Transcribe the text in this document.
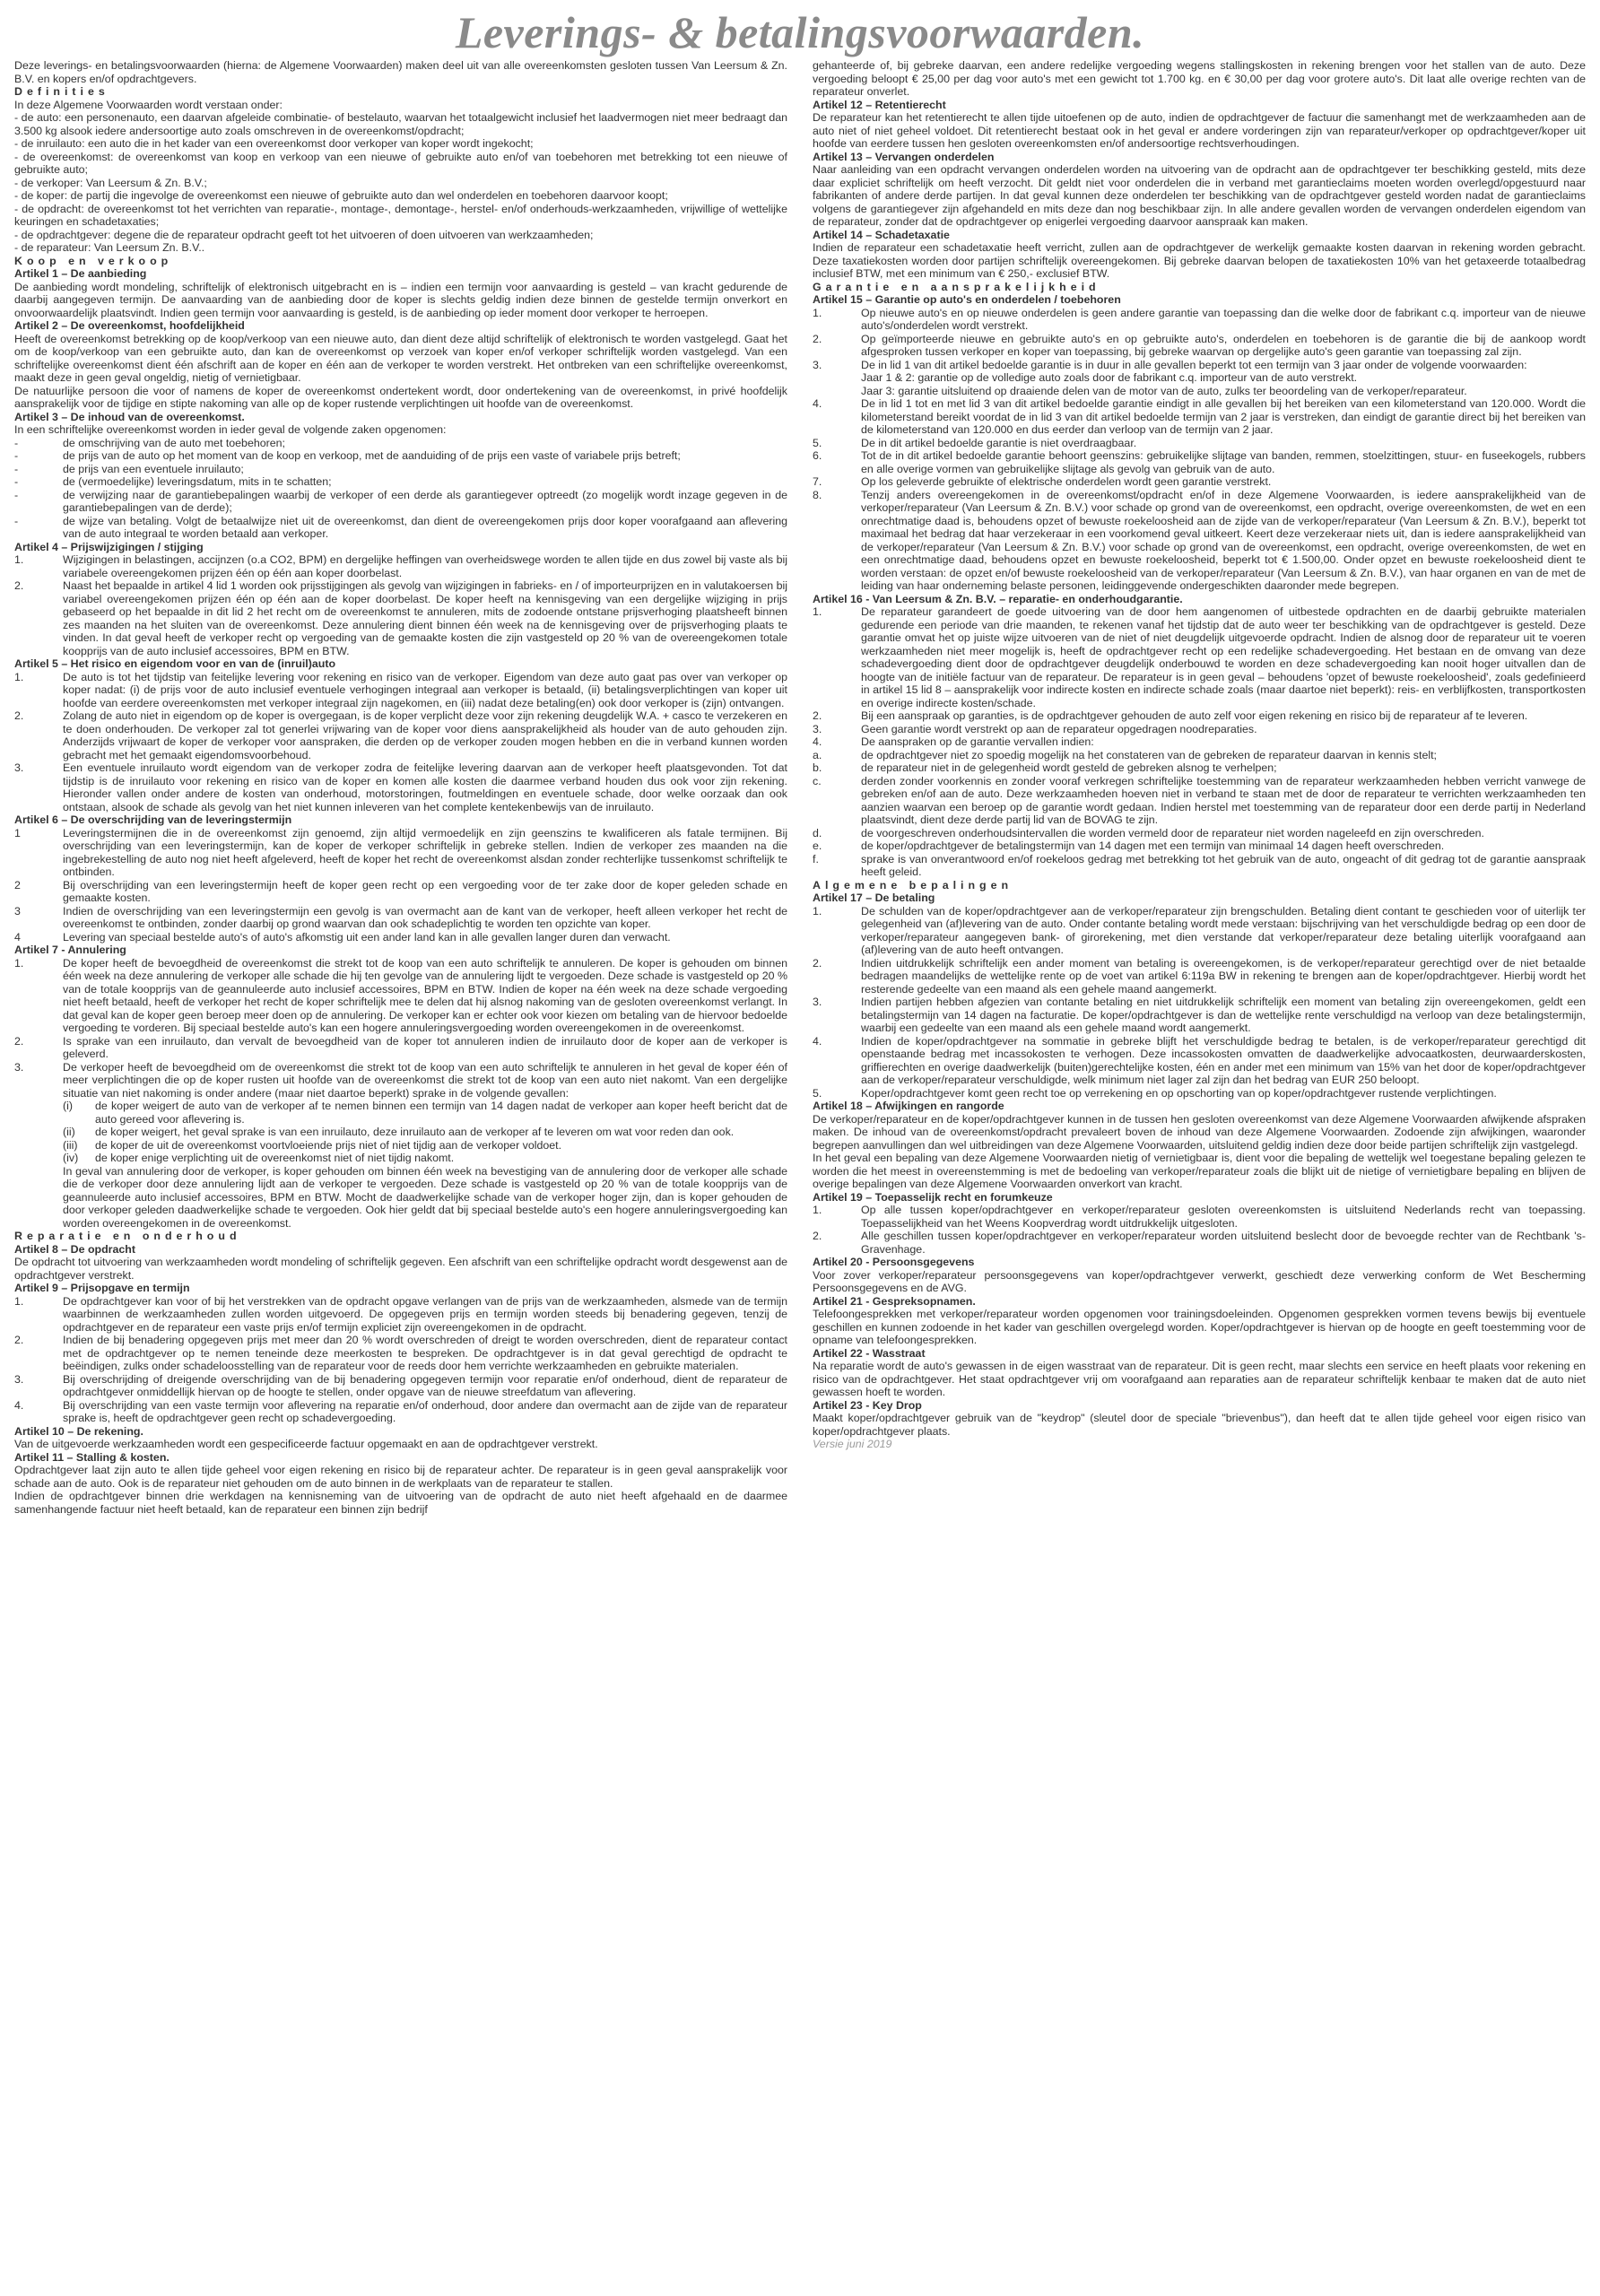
Leverings- & betalingsvoorwaarden.

Deze leverings- en betalingsvoorwaarden (hierna: de Algemene Voorwaarden) maken deel uit van alle overeenkomsten gesloten tussen Van Leersum & Zn. B.V. en kopers en/of opdrachtgevers.

Definities

In deze Algemene Voorwaarden wordt verstaan onder:

- de auto: een personenauto, een daarvan afgeleide combinatie- of bestelauto, waarvan het totaalgewicht inclusief het laadvermogen niet meer bedraagt dan 3.500 kg alsook iedere andersoortige auto zoals omschreven in de overeenkomst/opdracht;

- de inruilauto: een auto die in het kader van een overeenkomst door verkoper van koper wordt ingekocht;

- de overeenkomst: de overeenkomst van koop en verkoop van een nieuwe of gebruikte auto en/of van toebehoren met betrekking tot een nieuwe of gebruikte auto;

- de verkoper: Van Leersum & Zn. B.V.;

- de koper: de partij die ingevolge de overeenkomst een nieuwe of gebruikte auto dan wel onderdelen en toebehoren daarvoor koopt;

- de opdracht: de overeenkomst tot het verrichten van reparatie-, montage-, demontage-, herstel- en/of onderhouds-werkzaamheden, vrijwillige of wettelijke keuringen en schadetaxaties;

- de opdrachtgever: degene die de reparateur opdracht geeft tot het uitvoeren of doen uitvoeren van werkzaamheden;

- de reparateur: Van Leersum Zn. B.V..

Koop en verkoop
Artikel 1 – De aanbieding

De aanbieding wordt mondeling, schriftelijk of elektronisch uitgebracht en is – indien een termijn voor aanvaarding is gesteld – van kracht gedurende de daarbij aangegeven termijn. De aanvaarding van de aanbieding door de koper is slechts geldig indien deze binnen de gestelde termijn onverkort en onvoorwaardelijk plaatsvindt. Indien geen termijn voor aanvaarding is gesteld, is de aanbieding op ieder moment door verkoper te herroepen.

Artikel 2 – De overeenkomst, hoofdelijkheid

Heeft de overeenkomst betrekking op de koop/verkoop van een nieuwe auto, dan dient deze altijd schriftelijk of elektronisch te worden vastgelegd. Gaat het om de koop/verkoop van een gebruikte auto, dan kan de overeenkomst op verzoek van koper en/of verkoper schriftelijk worden vastgelegd. Van een schriftelijke overeenkomst dient één afschrift aan de koper en één aan de verkoper te worden verstrekt. Het ontbreken van een schriftelijke overeenkomst, maakt deze in geen geval ongeldig, nietig of vernietigbaar.

De natuurlijke persoon die voor of namens de koper de overeenkomst ondertekent wordt, door ondertekening van de overeenkomst, in privé hoofdelijk aansprakelijk voor de tijdige en stipte nakoming van alle op de koper rustende verplichtingen uit hoofde van de overeenkomst.

Artikel 3 – De inhoud van de overeenkomst.

In een schriftelijke overeenkomst worden in ieder geval de volgende zaken opgenomen:

-	de omschrijving van de auto met toebehoren;
-	de prijs van de auto op het moment van de koop en verkoop, met de aanduiding of de prijs een vaste of variabele prijs betreft;
-	de prijs van een eventuele inruilauto;
-	de (vermoedelijke) leveringsdatum, mits in te schatten;
-	de verwijzing naar de garantiebepalingen waarbij de verkoper of een derde als garantiegever optreedt (zo mogelijk wordt inzage gegeven in de garantiebepalingen van de derde);
-	de wijze van betaling. Volgt de betaalwijze niet uit de overeenkomst, dan dient de overeengekomen prijs door koper voorafgaand aan aflevering van de auto integraal te worden betaald aan verkoper.
Artikel 4 – Prijswijzigingen / stijging
1.	Wijzigingen in belastingen, accijnzen (o.a CO2, BPM) en dergelijke heffingen van overheidswege worden te allen tijde en dus zowel bij vaste als bij variabele overeengekomen prijzen één op één aan koper doorbelast.
2.	Naast het bepaalde in artikel 4 lid 1 worden ook prijsstijgingen als gevolg van wijzigingen in fabrieks- en / of importeurprijzen en in valutakoersen bij variabel overeengekomen prijzen één op één aan de koper doorbelast. De koper heeft na kennisgeving van een dergelijke wijziging in prijs gebaseerd op het bepaalde in dit lid 2 het recht om de overeenkomst te annuleren, mits de zodoende ontstane prijsverhoging plaatsheeft binnen zes maanden na het sluiten van de overeenkomst. Deze annulering dient binnen één week na de kennisgeving over de prijsverhoging plaats te vinden. In dat geval heeft de verkoper recht op vergoeding van de gemaakte kosten die zijn vastgesteld op 20 % van de overeengekomen totale koopprijs van de auto inclusief accessoires, BPM en BTW.
Artikel 5 – Het risico en eigendom voor en van de (inruil)auto
1.	De auto is tot het tijdstip van feitelijke levering voor rekening en risico van de verkoper. Eigendom van deze auto gaat pas over van verkoper op koper nadat: (i) de prijs voor de auto inclusief eventuele verhogingen integraal aan verkoper is betaald, (ii) betalingsverplichtingen van koper uit hoofde van eerdere overeenkomsten met verkoper integraal zijn nagekomen, en (iii) nadat deze betaling(en) ook door verkoper is (zijn) ontvangen.
2.	Zolang de auto niet in eigendom op de koper is overgegaan, is de koper verplicht deze voor zijn rekening deugdelijk W.A. + casco te verzekeren en te doen onderhouden. De verkoper zal tot generlei vrijwaring van de koper voor diens aansprakelijkheid als houder van de auto gehouden zijn. Anderzijds vrijwaart de koper de verkoper voor aanspraken, die derden op de verkoper zouden mogen hebben en die in verband kunnen worden gebracht met het gemaakt eigendomsvoorbehoud.
3.	Een eventuele inruilauto wordt eigendom van de verkoper zodra de feitelijke levering daarvan aan de verkoper heeft plaatsgevonden. Tot dat tijdstip is de inruilauto voor rekening en risico van de koper en komen alle kosten die daarmee verband houden dus ook voor zijn rekening. Hieronder vallen onder andere de kosten van onderhoud, motorstoringen, foutmeldingen en eventuele schade, door welke oorzaak dan ook ontstaan, alsook de schade als gevolg van het niet kunnen inleveren van het complete kentekenbewijs van de inruilauto.
Artikel 6 – De overschrijding van de leveringstermijn
1	Leveringstermijnen die in de overeenkomst zijn genoemd, zijn altijd vermoedelijk en zijn geenszins te kwalificeren als fatale termijnen. Bij overschrijding van een leveringstermijn, kan de koper de verkoper schriftelijk in gebreke stellen. Indien de verkoper zes maanden na die ingebrekestelling de auto nog niet heeft afgeleverd, heeft de koper het recht de overeenkomst alsdan zonder rechterlijke tussenkomst schriftelijk te ontbinden.
2	Bij overschrijding van een leveringstermijn heeft de koper geen recht op een vergoeding voor de ter zake door de koper geleden schade en gemaakte kosten.
3	Indien de overschrijding van een leveringstermijn een gevolg is van overmacht aan de kant van de verkoper, heeft alleen verkoper het recht de overeenkomst te ontbinden, zonder daarbij op grond waarvan dan ook schadeplichtig te worden ten opzichte van koper.
4	Levering van speciaal bestelde auto's of auto's afkomstig uit een ander land kan in alle gevallen langer duren dan verwacht.
Artikel 7 - Annulering
1.	De koper heeft de bevoegdheid de overeenkomst die strekt tot de koop van een auto schriftelijk te annuleren. De koper is gehouden om binnen één week na deze annulering de verkoper alle schade die hij ten gevolge van de annulering lijdt te vergoeden. Deze schade is vastgesteld op 20 % van de totale koopprijs van de geannuleerde auto inclusief accessoires, BPM en BTW. Indien de koper na één week na deze schade vergoeding niet heeft betaald, heeft de verkoper het recht de koper schriftelijk mee te delen dat hij alsnog nakoming van de gesloten overeenkomst verlangt. In dat geval kan de koper geen beroep meer doen op de annulering. De verkoper kan er echter ook voor kiezen om betaling van de hiervoor bedoelde vergoeding te vorderen. Bij speciaal bestelde auto's kan een hogere annuleringsvergoeding worden overeengekomen in de overeenkomst.
2.	Is sprake van een inruilauto, dan vervalt de bevoegdheid van de koper tot annuleren indien de inruilauto door de koper aan de verkoper is geleverd.
3.	De verkoper heeft de bevoegdheid om de overeenkomst die strekt tot de koop van een auto schriftelijk te annuleren in het geval de koper één of meer verplichtingen die op de koper rusten uit hoofde van de overeenkomst die strekt tot de koop van een auto niet nakomt. Van een dergelijke situatie van niet nakoming is onder andere (maar niet daartoe beperkt) sprake in de volgende gevallen:
(i)	de koper weigert de auto van de verkoper af te nemen binnen een termijn van 14 dagen nadat de verkoper aan koper heeft bericht dat de auto gereed voor aflevering is.
(ii)	de koper weigert, het geval sprake is van een inruilauto, deze inruilauto aan de verkoper af te leveren om wat voor reden dan ook.
(iii)	de koper de uit de overeenkomst voortvloeiende prijs niet of niet tijdig aan de verkoper voldoet.
(iv)	de koper enige verplichting uit de overeenkomst niet of niet tijdig nakomt.

In geval van annulering door de verkoper, is koper gehouden om binnen één week na bevestiging van de annulering door de verkoper alle schade die de verkoper door deze annulering lijdt aan de verkoper te vergoeden. Deze schade is vastgesteld op 20 % van de totale koopprijs van de geannuleerde auto inclusief accessoires, BPM en BTW. Mocht de daadwerkelijke schade van de verkoper hoger zijn, dan is koper gehouden de door verkoper geleden daadwerkelijke schade te vergoeden. Ook hier geldt dat bij speciaal bestelde auto's een hogere annuleringsvergoeding kan worden overeengekomen in de overeenkomst.

Reparatie en onderhoud
Artikel 8 – De opdracht

De opdracht tot uitvoering van werkzaamheden wordt mondeling of schriftelijk gegeven. Een afschrift van een schriftelijke opdracht wordt desgewenst aan de opdrachtgever verstrekt.

Artikel 9 – Prijsopgave en termijn
1.	De opdrachtgever kan voor of bij het verstrekken van de opdracht opgave verlangen van de prijs van de werkzaamheden, alsmede van de termijn waarbinnen de werkzaamheden zullen worden uitgevoerd. De opgegeven prijs en termijn worden steeds bij benadering gegeven, tenzij de opdrachtgever en de reparateur een vaste prijs en/of termijn expliciet zijn overeengekomen in de opdracht.
2.	Indien de bij benadering opgegeven prijs met meer dan 20 % wordt overschreden of dreigt te worden overschreden, dient de reparateur contact met de opdrachtgever op te nemen teneinde deze meerkosten te bespreken. De opdrachtgever is in dat geval gerechtigd de opdracht te beëindigen, zulks onder schadeloosstelling van de reparateur voor de reeds door hem verrichte werkzaamheden en gebruikte materialen.
3.	Bij overschrijding of dreigende overschrijding van de bij benadering opgegeven termijn voor reparatie en/of onderhoud, dient de reparateur de opdrachtgever onmiddellijk hiervan op de hoogte te stellen, onder opgave van de nieuwe streefdatum van aflevering.
4.	Bij overschrijding van een vaste termijn voor aflevering na reparatie en/of onderhoud, door andere dan overmacht aan de zijde van de reparateur sprake is, heeft de opdrachtgever geen recht op schadevergoeding.
Artikel 10 – De rekening.

Van de uitgevoerde werkzaamheden wordt een gespecificeerde factuur opgemaakt en aan de opdrachtgever verstrekt.

Artikel 11 – Stalling & kosten.

Opdrachtgever laat zijn auto te allen tijde geheel voor eigen rekening en risico bij de reparateur achter. De reparateur is in geen geval aansprakelijk voor schade aan de auto. Ook is de reparateur niet gehouden om de auto binnen in de werkplaats van de reparateur te stallen.

Indien de opdrachtgever binnen drie werkdagen na kennisneming van de uitvoering van de opdracht de auto niet heeft afgehaald en de daarmee samenhangende factuur niet heeft betaald, kan de reparateur een binnen zijn bedrijf

gehanteerde of, bij gebreke daarvan, een andere redelijke vergoeding wegens stallingskosten in rekening brengen voor het stallen van de auto. Deze vergoeding beloopt € 25,00 per dag voor auto's met een gewicht tot 1.700 kg. en € 30,00 per dag voor grotere auto's. Dit laat alle overige rechten van de reparateur onverlet.

Artikel 12 – Retentierecht

De reparateur kan het retentierecht te allen tijde uitoefenen op de auto, indien de opdrachtgever de factuur die samenhangt met de werkzaamheden aan de auto niet of niet geheel voldoet. Dit retentierecht bestaat ook in het geval er andere vorderingen zijn van reparateur/verkoper op opdrachtgever/koper uit hoofde van eerdere tussen hen gesloten overeenkomsten en/of andersoortige rechtsverhoudingen.

Artikel 13 – Vervangen onderdelen

Naar aanleiding van een opdracht vervangen onderdelen worden na uitvoering van de opdracht aan de opdrachtgever ter beschikking gesteld, mits deze daar expliciet schriftelijk om heeft verzocht. Dit geldt niet voor onderdelen die in verband met garantieclaims moeten worden overlegd/opgestuurd naar fabrikanten of andere derde partijen. In dat geval kunnen deze onderdelen ter beschikking van de opdrachtgever gesteld worden nadat de garantieclaims volgens de garantiegever zijn afgehandeld en mits deze dan nog beschikbaar zijn. In alle andere gevallen worden de vervangen onderdelen eigendom van de reparateur, zonder dat de opdrachtgever op enigerlei vergoeding daarvoor aanspraak kan maken.

Artikel 14 – Schadetaxatie

Indien de reparateur een schadetaxatie heeft verricht, zullen aan de opdrachtgever de werkelijk gemaakte kosten daarvan in rekening worden gebracht. Deze taxatiekosten worden door partijen schriftelijk overeengekomen. Bij gebreke daarvan belopen de taxatiekosten 10% van het getaxeerde totaalbedrag inclusief BTW, met een minimum van € 250,- exclusief BTW.

Garantie en aansprakelijkheid
Artikel 15 – Garantie op auto's en onderdelen / toebehoren
1.	Op nieuwe auto's en op nieuwe onderdelen is geen andere garantie van toepassing dan die welke door de fabrikant c.q. importeur van de nieuwe auto's/onderdelen wordt verstrekt.
2.	Op geïmporteerde nieuwe en gebruikte auto's en op gebruikte auto's, onderdelen en toebehoren is de garantie die bij de aankoop wordt afgesproken tussen verkoper en koper van toepassing, bij gebreke waarvan op dergelijke auto's geen garantie van toepassing zal zijn.
3.	De in lid 1 van dit artikel bedoelde garantie is in duur in alle gevallen beperkt tot een termijn van 3 jaar onder de volgende voorwaarden:

Jaar 1 & 2: garantie op de volledige auto zoals door de fabrikant c.q. importeur van de auto verstrekt.

Jaar 3: garantie uitsluitend op draaiende delen van de motor van de auto, zulks ter beoordeling van de verkoper/reparateur.

4.	De in lid 1 tot en met lid 3 van dit artikel bedoelde garantie eindigt in alle gevallen bij het bereiken van een kilometerstand van 120.000. Wordt die kilometerstand bereikt voordat de in lid 3 van dit artikel bedoelde termijn van 2 jaar is verstreken, dan eindigt de garantie direct bij het bereiken van de kilometerstand van 120.000 en dus eerder dan verloop van de termijn van 2 jaar.
5.	De in dit artikel bedoelde garantie is niet overdraagbaar.
6.	Tot de in dit artikel bedoelde garantie behoort geenszins: gebruikelijke slijtage van banden, remmen, stoelzittingen, stuur- en fuseekogels, rubbers en alle overige vormen van gebruikelijke slijtage als gevolg van gebruik van de auto.
7.	Op los geleverde gebruikte of elektrische onderdelen wordt geen garantie verstrekt.
8.	Tenzij anders overeengekomen in de overeenkomst/opdracht en/of in deze Algemene Voorwaarden, is iedere aansprakelijkheid van de verkoper/reparateur (Van Leersum & Zn. B.V.) voor schade op grond van de overeenkomst, een opdracht, overige overeenkomsten, de wet en een onrechtmatige daad is, behoudens opzet of bewuste roekeloosheid aan de zijde van de verkoper/reparateur (Van Leersum & Zn. B.V.), beperkt tot maximaal het bedrag dat haar verzekeraar in een voorkomend geval uitkeert. Keert deze verzekeraar niets uit, dan is iedere aansprakelijkheid van de verkoper/reparateur (Van Leersum & Zn. B.V.) voor schade op grond van de overeenkomst, een opdracht, overige overeenkomsten, de wet en een onrechtmatige daad, behoudens opzet en bewuste roekeloosheid, beperkt tot € 1.500,00. Onder opzet en bewuste roekeloosheid dient te worden verstaan: de opzet en/of bewuste roekeloosheid van de verkoper/reparateur (Van Leersum & Zn. B.V.), van haar organen en van de met de leiding van haar onderneming belaste personen, leidinggevende ondergeschikten daaronder mede begrepen.
Artikel 16 - Van Leersum & Zn. B.V. – reparatie- en onderhoudgarantie.
1.	De reparateur garandeert de goede uitvoering van de door hem aangenomen of uitbestede opdrachten en de daarbij gebruikte materialen gedurende een periode van drie maanden, te rekenen vanaf het tijdstip dat de auto weer ter beschikking van de opdrachtgever is gesteld. Deze garantie omvat het op juiste wijze uitvoeren van de niet of niet deugdelijk uitgevoerde opdracht. Indien de alsnog door de reparateur uit te voeren werkzaamheden niet meer mogelijk is, heeft de opdrachtgever recht op een redelijke schadevergoeding. Het bestaan en de omvang van deze schadevergoeding dient door de opdrachtgever deugdelijk onderbouwd te worden en deze schadevergoeding kan nooit hoger uitvallen dan de hoogte van de initiële factuur van de reparateur. De reparateur is in geen geval – behoudens 'opzet of bewuste roekeloosheid', zoals gedefinieerd in artikel 15 lid 8 – aansprakelijk voor indirecte kosten en indirecte schade zoals (maar daartoe niet beperkt): reis- en verblijfkosten, transportkosten en overige indirecte kosten/schade.
2.	Bij een aanspraak op garanties, is de opdrachtgever gehouden de auto zelf voor eigen rekening en risico bij de reparateur af te leveren.
3.	Geen garantie wordt verstrekt op aan de reparateur opgedragen noodreparaties.
4.	De aanspraken op de garantie vervallen indien:
a.	de opdrachtgever niet zo spoedig mogelijk na het constateren van de gebreken de reparateur daarvan in kennis stelt;
b.	de reparateur niet in de gelegenheid wordt gesteld de gebreken alsnog te verhelpen;
c.	derden zonder voorkennis en zonder vooraf verkregen schriftelijke toestemming van de reparateur werkzaamheden hebben verricht vanwege de gebreken en/of aan de auto. Deze werkzaamheden hoeven niet in verband te staan met de door de reparateur te verrichten werkzaamheden ten aanzien waarvan een beroep op de garantie wordt gedaan. Indien herstel met toestemming van de reparateur door een derde partij in Nederland plaatsvindt, dient deze derde partij lid van de BOVAG te zijn.
d.	de voorgeschreven onderhoudsintervallen die worden vermeld door de reparateur niet worden nageleefd en zijn overschreden.
e.	de koper/opdrachtgever de betalingstermijn van 14 dagen met een termijn van minimaal 14 dagen heeft overschreden.
f.	sprake is van onverantwoord en/of roekeloos gedrag met betrekking tot het gebruik van de auto, ongeacht of dit gedrag tot de garantie aanspraak heeft geleid.
Algemene bepalingen
Artikel 17 – De betaling
1.	De schulden van de koper/opdrachtgever aan de verkoper/reparateur zijn brengschulden. Betaling dient contant te geschieden voor of uiterlijk ter gelegenheid van (af)levering van de auto. Onder contante betaling wordt mede verstaan: bijschrijving van het verschuldigde bedrag op een door de verkoper/reparateur aangegeven bank- of girorekening, met dien verstande dat verkoper/reparateur deze betaling uiterlijk voorafgaand aan (af)levering van de auto heeft ontvangen.
2.	Indien uitdrukkelijk schriftelijk een ander moment van betaling is overeengekomen, is de verkoper/reparateur gerechtigd over de niet betaalde bedragen maandelijks de wettelijke rente op de voet van artikel 6:119a BW in rekening te brengen aan de koper/opdrachtgever. Hierbij wordt het resterende gedeelte van een maand als een gehele maand aangemerkt.
3.	Indien partijen hebben afgezien van contante betaling en niet uitdrukkelijk schriftelijk een moment van betaling zijn overeengekomen, geldt een betalingstermijn van 14 dagen na facturatie. De koper/opdrachtgever is dan de wettelijke rente verschuldigd na verloop van deze betalingstermijn, waarbij een gedeelte van een maand als een gehele maand wordt aangemerkt.
4.	Indien de koper/opdrachtgever na sommatie in gebreke blijft het verschuldigde bedrag te betalen, is de verkoper/reparateur gerechtigd dit openstaande bedrag met incassokosten te verhogen. Deze incassokosten omvatten de daadwerkelijke advocaatkosten, deurwaarderskosten, griffierechten en overige daadwerkelijk (buiten)gerechtelijke kosten, één en ander met een minimum van 15% van het door de koper/opdrachtgever aan de verkoper/reparateur verschuldigde, welk minimum niet lager zal zijn dan het bedrag van EUR 250 beloopt.
5.	Koper/opdrachtgever komt geen recht toe op verrekening en op opschorting van op koper/opdrachtgever rustende verplichtingen.
Artikel 18 – Afwijkingen en rangorde

De verkoper/reparateur en de koper/opdrachtgever kunnen in de tussen hen gesloten overeenkomst van deze Algemene Voorwaarden afwijkende afspraken maken. De inhoud van de overeenkomst/opdracht prevaleert boven de inhoud van deze Algemene Voorwaarden. Zodoende zijn afwijkingen, waaronder begrepen aanvullingen dan wel uitbreidingen van deze Algemene Voorwaarden, uitsluitend geldig indien deze door beide partijen schriftelijk zijn vastgelegd.

In het geval een bepaling van deze Algemene Voorwaarden nietig of vernietigbaar is, dient voor die bepaling de wettelijk wel toegestane bepaling gelezen te worden die het meest in overeenstemming is met de bedoeling van verkoper/reparateur zoals die blijkt uit de nietige of vernietigbare bepaling en blijven de overige bepalingen van deze Algemene Voorwaarden onverkort van kracht.

Artikel 19 – Toepasselijk recht en forumkeuze
1.	Op alle tussen koper/opdrachtgever en verkoper/reparateur gesloten overeenkomsten is uitsluitend Nederlands recht van toepassing. Toepasselijkheid van het Weens Koopverdrag wordt uitdrukkelijk uitgesloten.
2.	Alle geschillen tussen koper/opdrachtgever en verkoper/reparateur worden uitsluitend beslecht door de bevoegde rechter van de Rechtbank 's-Gravenhage.
Artikel 20 - Persoonsgegevens

Voor zover verkoper/reparateur persoonsgegevens van koper/opdrachtgever verwerkt, geschiedt deze verwerking conform de Wet Bescherming Persoonsgegevens en de AVG.

Artikel 21 - Gespreksopnamen.

Telefoongesprekken met verkoper/reparateur worden opgenomen voor trainingsdoeleinden. Opgenomen gesprekken vormen tevens bewijs bij eventuele geschillen en kunnen zodoende in het kader van geschillen overgelegd worden. Koper/opdrachtgever is hiervan op de hoogte en geeft toestemming voor de opname van telefoongesprekken.

Artikel 22 - Wasstraat

Na reparatie wordt de auto's gewassen in de eigen wasstraat van de reparateur. Dit is geen recht, maar slechts een service en heeft plaats voor rekening en risico van de opdrachtgever. Het staat opdrachtgever vrij om voorafgaand aan reparaties aan de reparateur schriftelijk kenbaar te maken dat de auto niet gewassen hoeft te worden.

Artikel 23 - Key Drop

Maakt koper/opdrachtgever gebruik van de "keydrop" (sleutel door de speciale "brievenbus"), dan heeft dat te allen tijde geheel voor eigen risico van koper/opdrachtgever plaats.

Versie juni 2019
